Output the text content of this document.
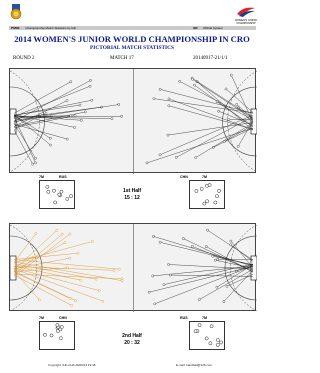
WOMEN'S JUNIOR CHAMPIONSHIP
PSMS Championship Match Statistics by IHF	IHF Official System
2014 WOMEN'S JUNIOR WORLD CHAMPIONSHIP IN CRO
PICTORIAL MATCH STATISTICS
ROUND 2	MATCH 17	20140917-21/1/1
7M	RUS	CHN	7M
1st Half
15 : 12
7M	CHN	RUS	7M
2nd Half
20 : 32
Copyright: IHF-CHA 29/09/14 19:48	E-mail: handball@126.com
